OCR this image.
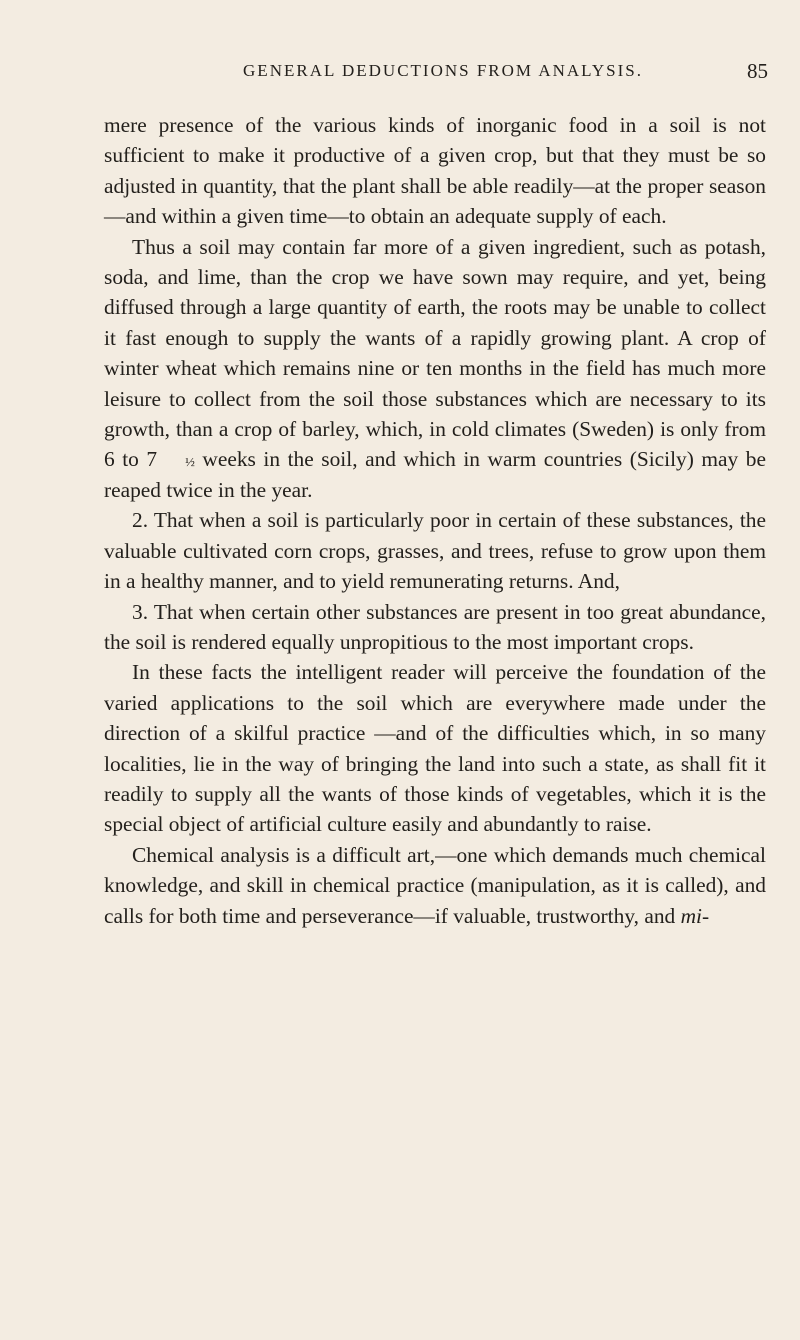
GENERAL DEDUCTIONS FROM ANALYSIS.	85

mere presence of the various kinds of inorganic food in a soil is not sufficient to make it productive of a given crop, but that they must be so adjusted in quantity, that the plant shall be able readily—at the proper season—and within a given time—to obtain an adequate supply of each.

Thus a soil may contain far more of a given ingredient, such as potash, soda, and lime, than the crop we have sown may require, and yet, being diffused through a large quantity of earth, the roots may be unable to collect it fast enough to supply the wants of a rapidly growing plant. A crop of winter wheat which remains nine or ten months in the field has much more leisure to collect from the soil those substances which are necessary to its growth, than a crop of barley, which, in cold climates (Sweden) is only from 6 to 7 ½ weeks in the soil, and which in warm countries (Sicily) may be reaped twice in the year.

2. That when a soil is particularly poor in certain of these substances, the valuable cultivated corn crops, grasses, and trees, refuse to grow upon them in a healthy manner, and to yield remunerating returns. And,

3. That when certain other substances are present in too great abundance, the soil is rendered equally unpropitious to the most important crops.

In these facts the intelligent reader will perceive the foundation of the varied applications to the soil which are everywhere made under the direction of a skilful practice —and of the difficulties which, in so many localities, lie in the way of bringing the land into such a state, as shall fit it readily to supply all the wants of those kinds of vegetables, which it is the special object of artificial culture easily and abundantly to raise.

Chemical analysis is a difficult art,—one which demands much chemical knowledge, and skill in chemical practice (manipulation, as it is called), and calls for both time and perseverance—if valuable, trustworthy, and mi-
